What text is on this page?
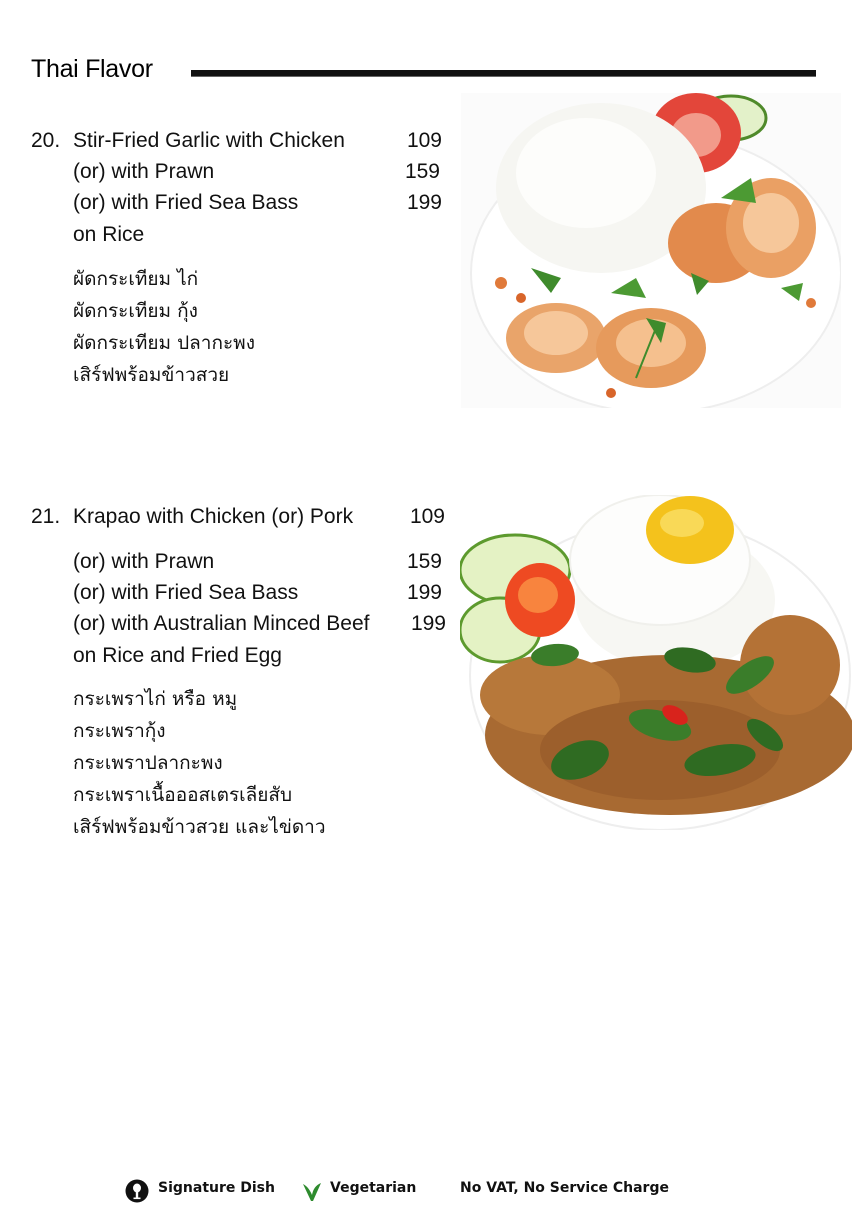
Thai Flavor
20. Stir-Fried Garlic with Chicken	109
(or) with Prawn	159
(or) with Fried Sea Bass	199
on Rice
ผัดกระเทียม ไก่
ผัดกระเทียม กุ้ง
ผัดกระเทียม ปลากะพง
เสิร์ฟพร้อมข้าวสวย
21. Krapao with Chicken (or) Pork	109
(or) with Prawn	159
(or) with Fried Sea Bass	199
(or) with Australian Minced Beef	199
on Rice and Fried Egg
กระเพราไก่ หรือ หมู
กระเพรากุ้ง
กระเพราปลากะพง
กระเพราเนื้อออสเตรเลียสับ
เสิร์ฟพร้อมข้าวสวย และไข่ดาว
Signature Dish	Vegetarian	No VAT, No Service Charge
